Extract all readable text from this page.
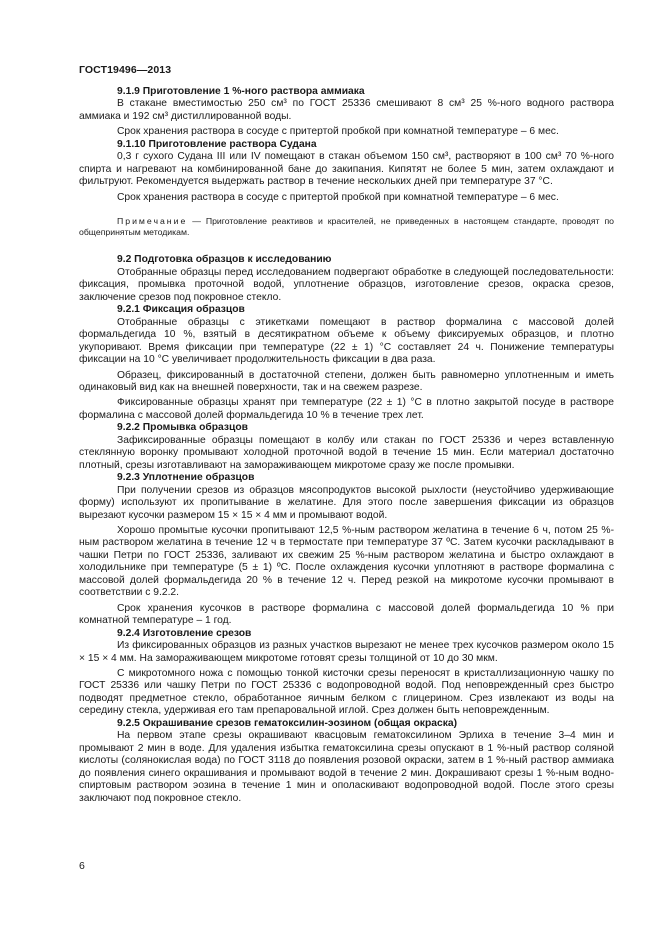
ГОСТ19496—2013

9.1.9 Приготовление 1 %-ного раствора аммиака

В стакане вместимостью 250 см³ по ГОСТ 25336 смешивают 8 см³ 25 %-ного водного раствора аммиака и 192 см³ дистиллированной воды.

Срок хранения раствора в сосуде с притертой пробкой при комнатной температуре – 6 мес.

9.1.10 Приготовление раствора Судана

0,3 г сухого Судана III или IV помещают в стакан объемом 150 см³, растворяют в 100 см³ 70 %-ного спирта и нагревают на комбинированной бане до закипания. Кипятят не более 5 мин, затем охлаждают и фильтруют. Рекомендуется выдержать раствор в течение нескольких дней при температуре 37 °С.

Срок хранения раствора в сосуде с притертой пробкой при комнатной температуре – 6 мес.

Примечание — Приготовление реактивов и красителей, не приведенных в настоящем стандарте, проводят по общепринятым методикам.

9.2 Подготовка образцов к исследованию

Отобранные образцы перед исследованием подвергают обработке в следующей последовательности: фиксация, промывка проточной водой, уплотнение образцов, изготовление срезов, окраска срезов, заключение срезов под покровное стекло.

9.2.1 Фиксация образцов

Отобранные образцы с этикетками помещают в раствор формалина с массовой долей формальдегида 10 %, взятый в десятикратном объеме к объему фиксируемых образцов, и плотно укупоривают. Время фиксации при температуре (22 ± 1) °С составляет 24 ч. Понижение температуры фиксации на 10 °С увеличивает продолжительность фиксации в два раза.

Образец, фиксированный в достаточной степени, должен быть равномерно уплотненным и иметь одинаковый вид как на внешней поверхности, так и на свежем разрезе.

Фиксированные образцы хранят при температуре (22 ± 1) °С в плотно закрытой посуде в растворе формалина с массовой долей формальдегида 10 % в течение трех лет.

9.2.2 Промывка образцов

Зафиксированные образцы помещают в колбу или стакан по ГОСТ 25336 и через вставленную стеклянную воронку промывают холодной проточной водой в течение 15 мин. Если материал достаточно плотный, срезы изготавливают на замораживающем микротоме сразу же после промывки.

9.2.3 Уплотнение образцов

При получении срезов из образцов мясопродуктов высокой рыхлости (неустойчиво удерживающие форму) используют их пропитывание в желатине. Для этого после завершения фиксации из образцов вырезают кусочки размером 15 × 15 × 4 мм и промывают водой.

Хорошо промытые кусочки пропитывают 12,5 %-ным раствором желатина в течение 6 ч, потом 25 %-ным раствором желатина в течение 12 ч в термостате при температуре 37 ºС. Затем кусочки раскладывают в чашки Петри по ГОСТ 25336, заливают их свежим 25 %-ным раствором желатина и быстро охлаждают в холодильнике при температуре (5 ± 1) ºС. После охлаждения кусочки уплотняют в растворе формалина с массовой долей формальдегида 20 % в течение 12 ч. Перед резкой на микротоме кусочки промывают в соответствии с 9.2.2.

Срок хранения кусочков в растворе формалина с массовой долей формальдегида 10 % при комнатной температуре – 1 год.

9.2.4 Изготовление срезов

Из фиксированных образцов из разных участков вырезают не менее трех кусочков размером около 15 × 15 × 4 мм. На замораживающем микротоме готовят срезы толщиной от 10 до 30 мкм.

С микротомного ножа с помощью тонкой кисточки срезы переносят в кристаллизационную чашку по ГОСТ 25336 или чашку Петри по ГОСТ 25336 с водопроводной водой. Под неповрежденный срез быстро подводят предметное стекло, обработанное яичным белком с глицерином. Срез извлекают из воды на середину стекла, удерживая его там препаровальной иглой. Срез должен быть неповрежденным.

9.2.5 Окрашивание срезов гематоксилин-эозином (общая окраска)

На первом этапе срезы окрашивают квасцовым гематоксилином Эрлиха в течение 3–4 мин и промывают 2 мин в воде. Для удаления избытка гематоксилина срезы опускают в 1 %-ный раствор соляной кислоты (солянокислая вода) по ГОСТ 3118 до появления розовой окраски, затем в 1 %-ный раствор аммиака до появления синего окрашивания и промывают водой в течение 2 мин. Докрашивают срезы 1 %-ным водно-спиртовым раствором эозина в течение 1 мин и ополаскивают водопроводной водой. После этого срезы заключают под покровное стекло.

6
